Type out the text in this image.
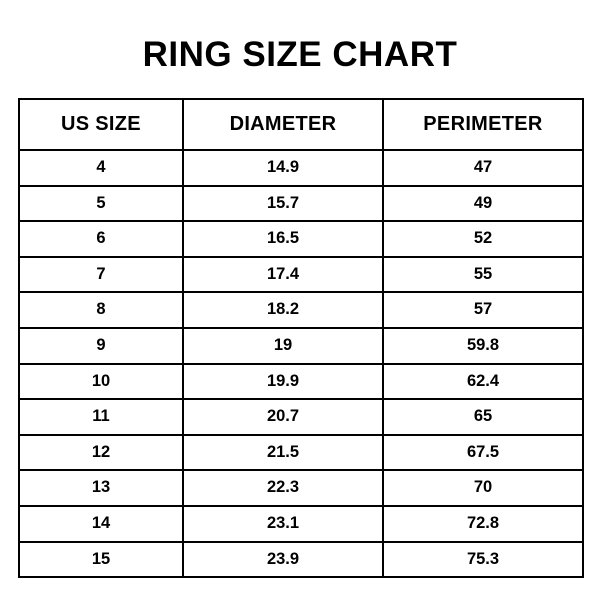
RING SIZE CHART
US SIZE	DIAMETER	PERIMETER
4	14.9	47
5	15.7	49
6	16.5	52
7	17.4	55
8	18.2	57
9	19	59.8
10	19.9	62.4
11	20.7	65
12	21.5	67.5
13	22.3	70
14	23.1	72.8
15	23.9	75.3
